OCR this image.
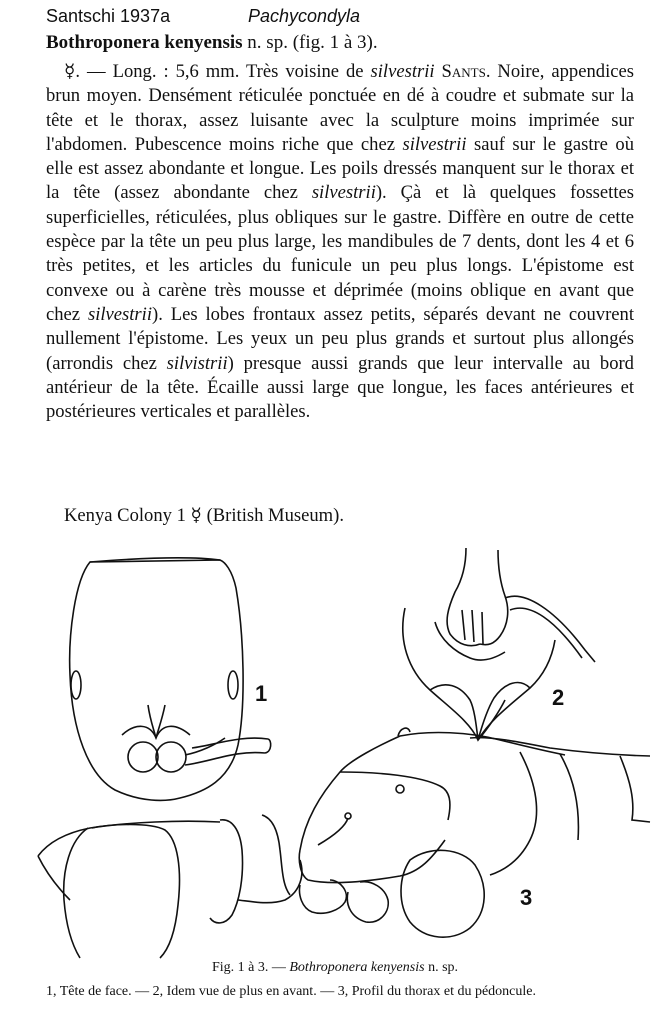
Santschi 1937a	Pachycondyla
Bothroponera kenyensis n. sp. (fig. 1 à 3).

☿. — Long. : 5,6 mm. Très voisine de silvestrii Sants. Noire, appendices brun moyen. Densément réticulée ponctuée en dé à coudre et submate sur la tête et le thorax, assez luisante avec la sculpture moins imprimée sur l'abdomen. Pubescence moins riche que chez silvestrii sauf sur le gastre où elle est assez abondante et longue. Les poils dressés manquent sur le thorax et la tête (assez abondante chez silvestrii). Çà et là quelques fossettes superficielles, réticulées, plus obliques sur le gastre. Diffère en outre de cette espèce par la tête un peu plus large, les mandibules de 7 dents, dont les 4 et 6 très petites, et les articles du funicule un peu plus longs. L'épistome est convexe ou à carène très mousse et déprimée (moins oblique en avant que chez silvestrii). Les lobes frontaux assez petits, séparés devant ne couvrent nullement l'épistome. Les yeux un peu plus grands et surtout plus allongés (arrondis chez silvistrii) presque aussi grands que leur intervalle au bord antérieur de la tête. Écaille aussi large que longue, les faces antérieures et postérieures verticales et parallèles.

Kenya Colony 1 ☿ (British Museum).
1	2
3
Fig. 1 à 3. — Bothroponera kenyensis n. sp.
1, Tête de face. — 2, Idem vue de plus en avant. — 3, Profil du thorax et du pédoncule.
